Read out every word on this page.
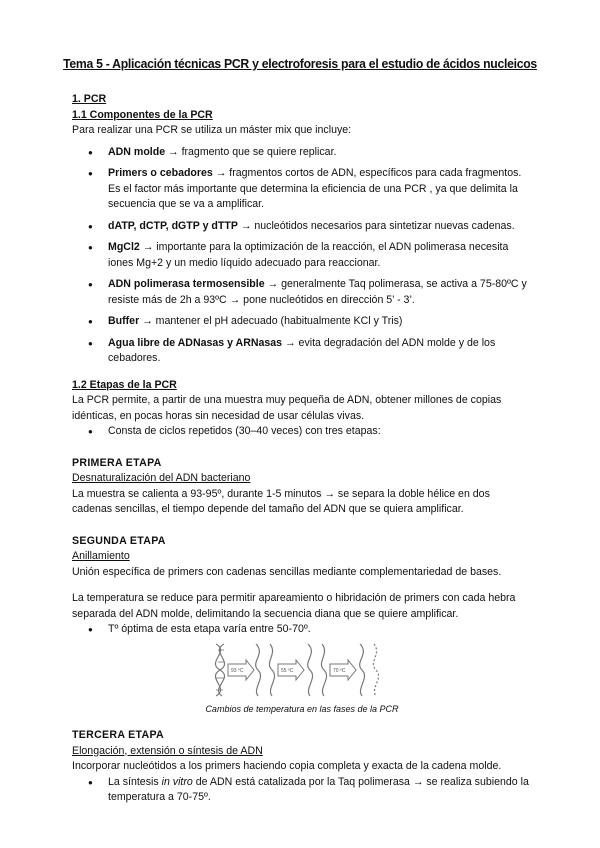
Tema 5 - Aplicación técnicas PCR y electroforesis para el estudio de ácidos nucleicos
1. PCR
1.1 Componentes de la PCR

Para realizar una PCR se utiliza un máster mix que incluye:

● ADN molde → fragmento que se quiere replicar.
● Primers o cebadores → fragmentos cortos de ADN, específicos para cada fragmentos. Es el factor más importante que determina la eficiencia de una PCR , ya que delimita la secuencia que se va a amplificar.
● dATP, dCTP, dGTP y dTTP → nucleótidos necesarios para sintetizar nuevas cadenas.
● MgCl2 → importante para la optimización de la reacción, el ADN polimerasa necesita iones Mg+2 y un medio líquido adecuado para reaccionar.
● ADN polimerasa termosensible → generalmente Taq polimerasa, se activa a 75-80ºC y resiste más de 2h a 93ºC → pone nucleótidos en dirección 5’ - 3’.
● Buffer → mantener el pH adecuado (habitualmente KCl y Tris)
● Agua libre de ADNasas y ARNasas → evita degradación del ADN molde y de los cebadores.
1.2 Etapas de la PCR

La PCR permite, a partir de una muestra muy pequeña de ADN, obtener millones de copias idénticas, en pocas horas sin necesidad de usar células vivas.

● Consta de ciclos repetidos (30–40 veces) con tres etapas:
PRIMERA ETAPA
Desnaturalización del ADN bacteriano

La muestra se calienta a 93-95º, durante 1-5 minutos → se separa la doble hélice en dos cadenas sencillas, el tiempo depende del tamaño del ADN que se quiera amplificar.

SEGUNDA ETAPA
Anillamiento

Unión específica de primers con cadenas sencillas mediante complementariedad de bases.

La temperatura se reduce para permitir apareamiento o hibridación de primers con cada hebra separada del ADN molde, delimitando la secuencia diana que se quiere amplificar.

● Tº óptima de esta etapa varía entre 50-70º.
93 ºC	55 ºC	70 ºC
Cambios de temperatura en las fases de la PCR
TERCERA ETAPA
Elongación, extensión o síntesis de ADN

Incorporar nucleótidos a los primers haciendo copia completa y exacta de la cadena molde.

● La síntesis in vitro de ADN está catalizada por la Taq polimerasa → se realiza subiendo la temperatura a 70-75º.
